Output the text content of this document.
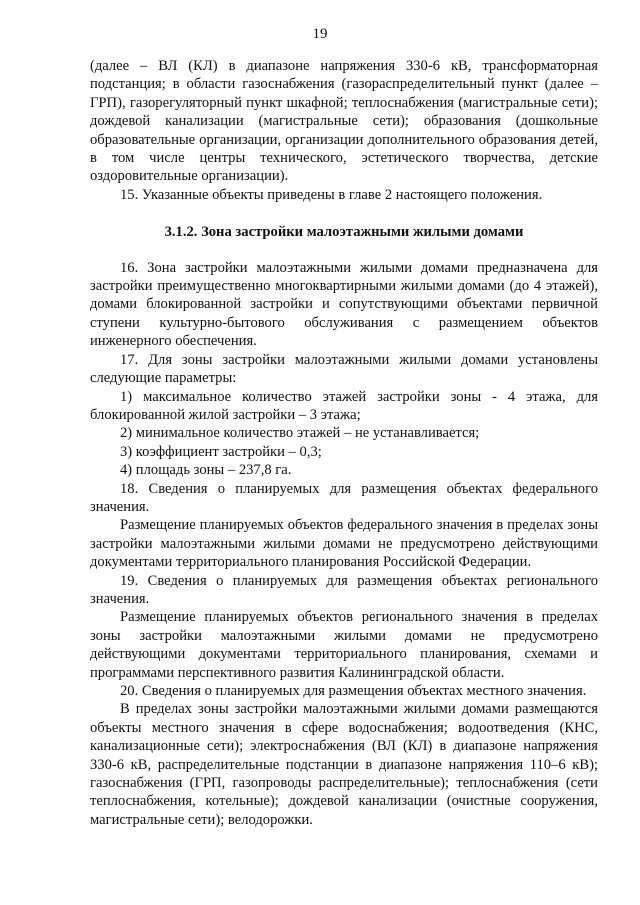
19

(далее – ВЛ (КЛ) в диапазоне напряжения 330-6 кВ, трансформаторная подстанция; в области газоснабжения (газораспределительный пункт (далее – ГРП), газорегуляторный пункт шкафной; теплоснабжения (магистральные сети); дождевой канализации (магистральные сети); образования (дошкольные образовательные организации, организации дополнительного образования детей, в том числе центры технического, эстетического творчества, детские оздоровительные организации).

15. Указанные объекты приведены в главе 2 настоящего положения.

3.1.2. Зона застройки малоэтажными жилыми домами

16. Зона застройки малоэтажными жилыми домами предназначена для застройки преимущественно многоквартирными жилыми домами (до 4 этажей), домами блокированной застройки и сопутствующими объектами первичной ступени культурно-бытового обслуживания с размещением объектов инженерного обеспечения.

17. Для зоны застройки малоэтажными жилыми домами установлены следующие параметры:

1) максимальное количество этажей застройки зоны - 4 этажа, для блокированной жилой застройки – 3 этажа;

2) минимальное количество этажей – не устанавливается;

3) коэффициент застройки – 0,3;

4) площадь зоны – 237,8 га.

18. Сведения о планируемых для размещения объектах федерального значения.

Размещение планируемых объектов федерального значения в пределах зоны застройки малоэтажными жилыми домами не предусмотрено действующими документами территориального планирования Российской Федерации.

19. Сведения о планируемых для размещения объектах регионального значения.

Размещение планируемых объектов регионального значения в пределах зоны застройки малоэтажными жилыми домами не предусмотрено действующими документами территориального планирования, схемами и программами перспективного развития Калининградской области.

20. Сведения о планируемых для размещения объектах местного значения.

В пределах зоны застройки малоэтажными жилыми домами размещаются объекты местного значения в сфере водоснабжения; водоотведения (КНС, канализационные сети); электроснабжения (ВЛ (КЛ) в диапазоне напряжения 330-6 кВ, распределительные подстанции в диапазоне напряжения 110–6 кВ); газоснабжения (ГРП, газопроводы распределительные); теплоснабжения (сети теплоснабжения, котельные); дождевой канализации (очистные сооружения, магистральные сети); велодорожки.
